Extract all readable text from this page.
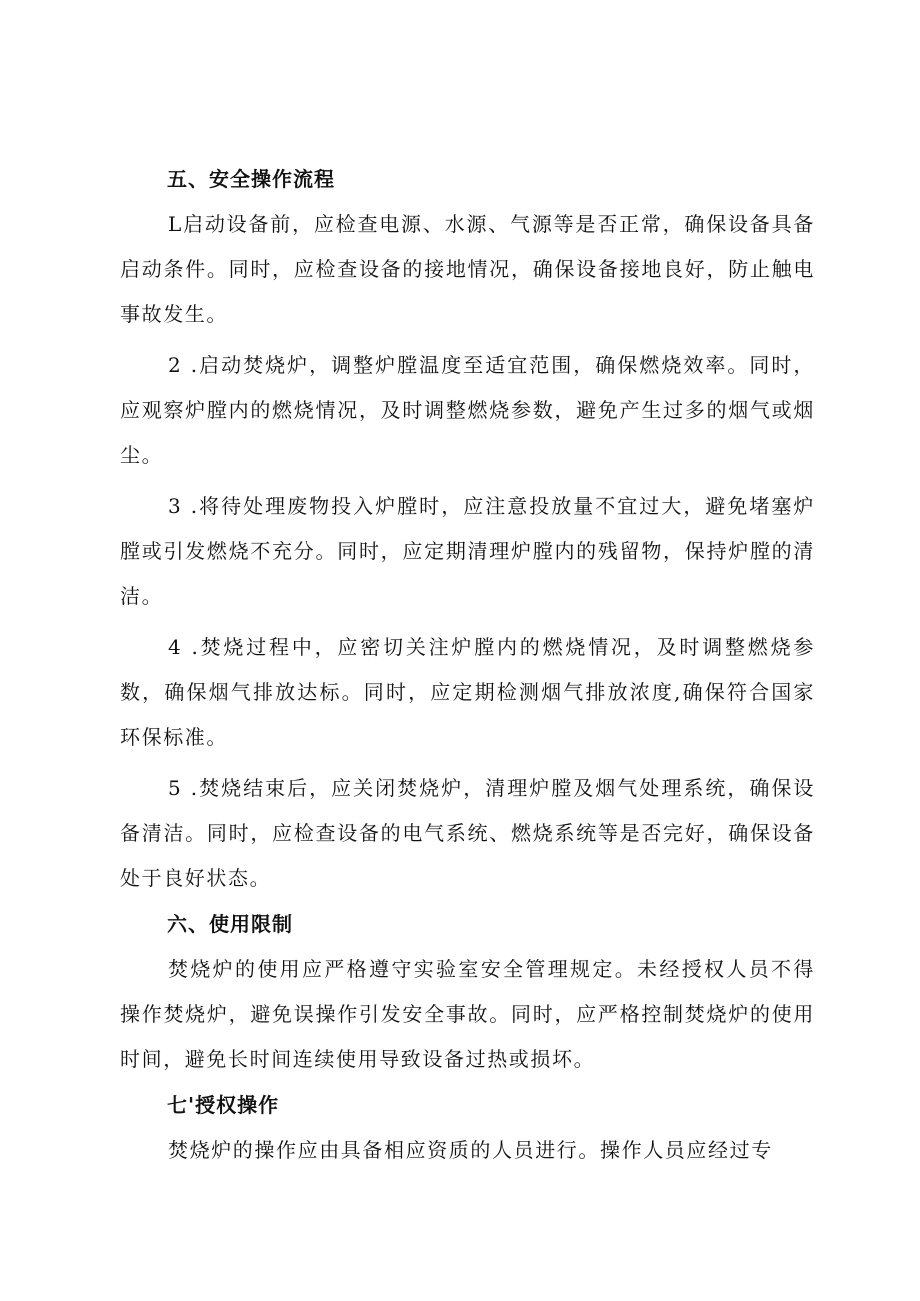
五、安全操作流程

L启动设备前，应检查电源、水源、气源等是否正常，确保设备具备启动条件。同时，应检查设备的接地情况，确保设备接地良好，防止触电事故发生。

2 .启动焚烧炉，调整炉膛温度至适宜范围，确保燃烧效率。同时，应观察炉膛内的燃烧情况，及时调整燃烧参数，避免产生过多的烟气或烟尘。

3 .将待处理废物投入炉膛时，应注意投放量不宜过大，避免堵塞炉膛或引发燃烧不充分。同时，应定期清理炉膛内的残留物，保持炉膛的清洁。

4 .焚烧过程中，应密切关注炉膛内的燃烧情况，及时调整燃烧参数，确保烟气排放达标。同时，应定期检测烟气排放浓度,确保符合国家环保标准。

5 .焚烧结束后，应关闭焚烧炉，清理炉膛及烟气处理系统，确保设备清洁。同时，应检查设备的电气系统、燃烧系统等是否完好，确保设备处于良好状态。

六、使用限制

焚烧炉的使用应严格遵守实验室安全管理规定。未经授权人员不得操作焚烧炉，避免误操作引发安全事故。同时，应严格控制焚烧炉的使用时间，避免长时间连续使用导致设备过热或损坏。

七'授权操作

焚烧炉的操作应由具备相应资质的人员进行。操作人员应经过专
